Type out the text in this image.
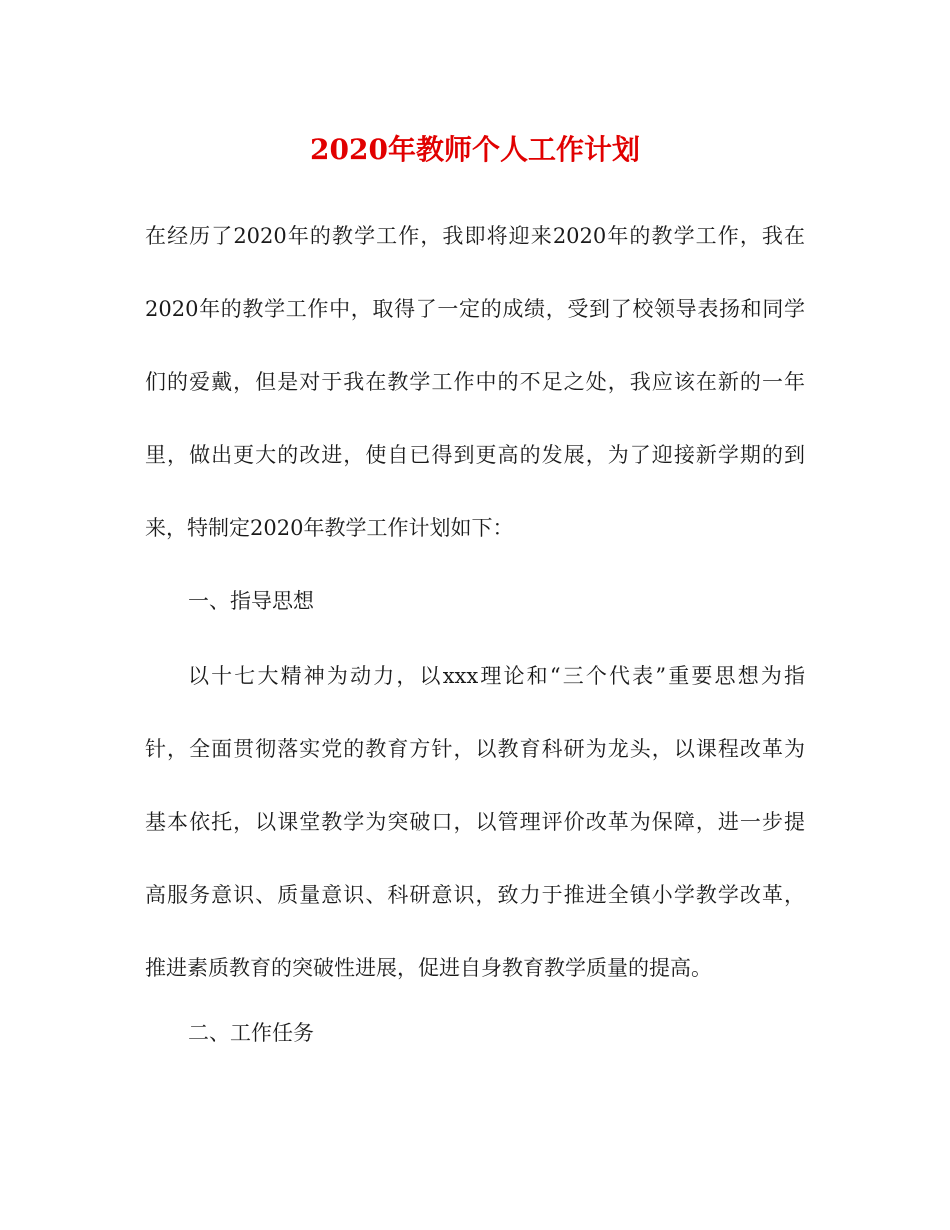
2020年教师个人工作计划
在经历了2020年的教学工作，我即将迎来2020年的教学工作，我在
2020年的教学工作中，取得了一定的成绩，受到了校领导表扬和同学
们的爱戴，但是对于我在教学工作中的不足之处，我应该在新的一年
里，做出更大的改进，使自已得到更高的发展，为了迎接新学期的到
来，特制定2020年教学工作计划如下：
一、指导思想
以十七大精神为动力，以xxx理论和“三个代表”重要思想为指
针，全面贯彻落实党的教育方针，以教育科研为龙头，以课程改革为
基本依托，以课堂教学为突破口，以管理评价改革为保障，进一步提
高服务意识、质量意识、科研意识，致力于推进全镇小学教学改革，
推进素质教育的突破性进展，促进自身教育教学质量的提高。
二、工作任务
